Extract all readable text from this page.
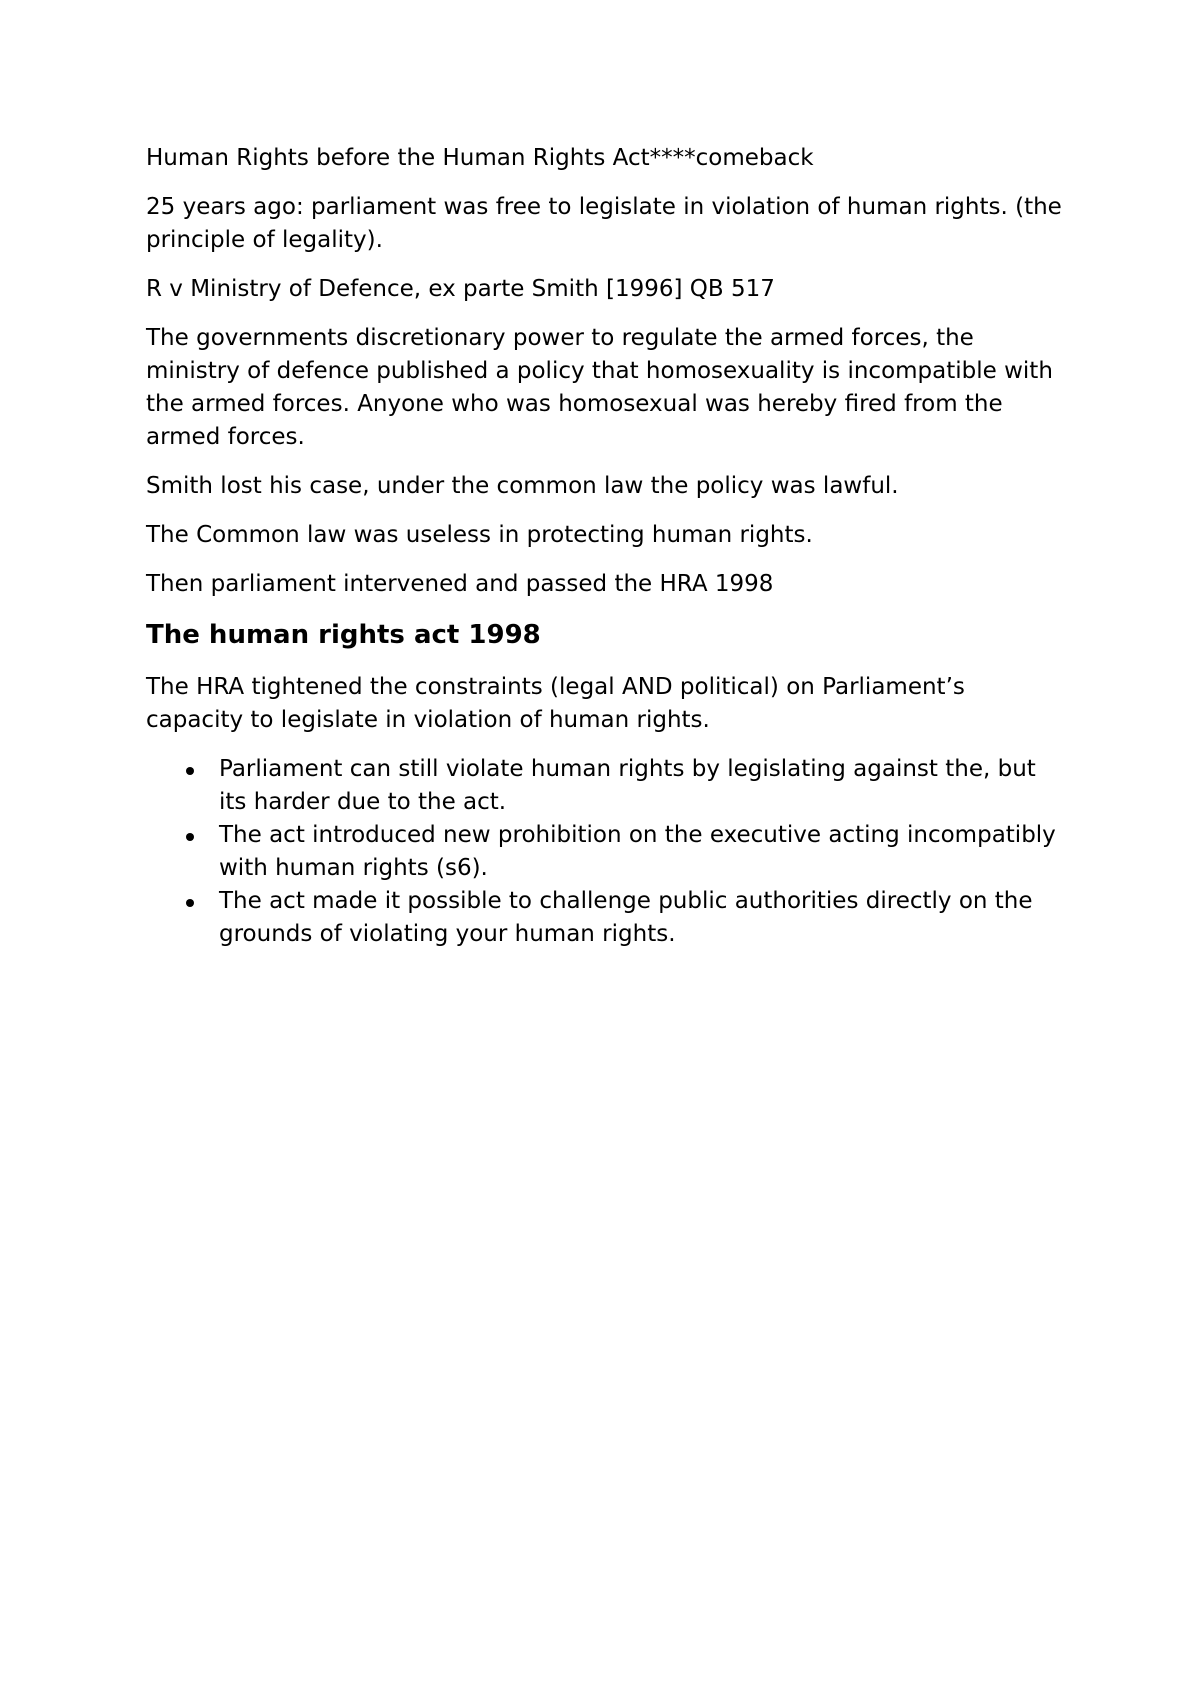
Human Rights before the Human Rights Act****comeback

25 years ago: parliament was free to legislate in violation of human rights. (the principle of legality).

R v Ministry of Defence, ex parte Smith [1996] QB 517

The governments discretionary power to regulate the armed forces, the ministry of defence published a policy that homosexuality is incompatible with the armed forces. Anyone who was homosexual was hereby fired from the armed forces.

Smith lost his case, under the common law the policy was lawful.

The Common law was useless in protecting human rights.

Then parliament intervened and passed the HRA 1998

The human rights act 1998

The HRA tightened the constraints (legal AND political) on Parliament’s capacity to legislate in violation of human rights.

Parliament can still violate human rights by legislating against the, but its harder due to the act.
The act introduced new prohibition on the executive acting incompatibly with human rights (s6).
The act made it possible to challenge public authorities directly on the grounds of violating your human rights.
